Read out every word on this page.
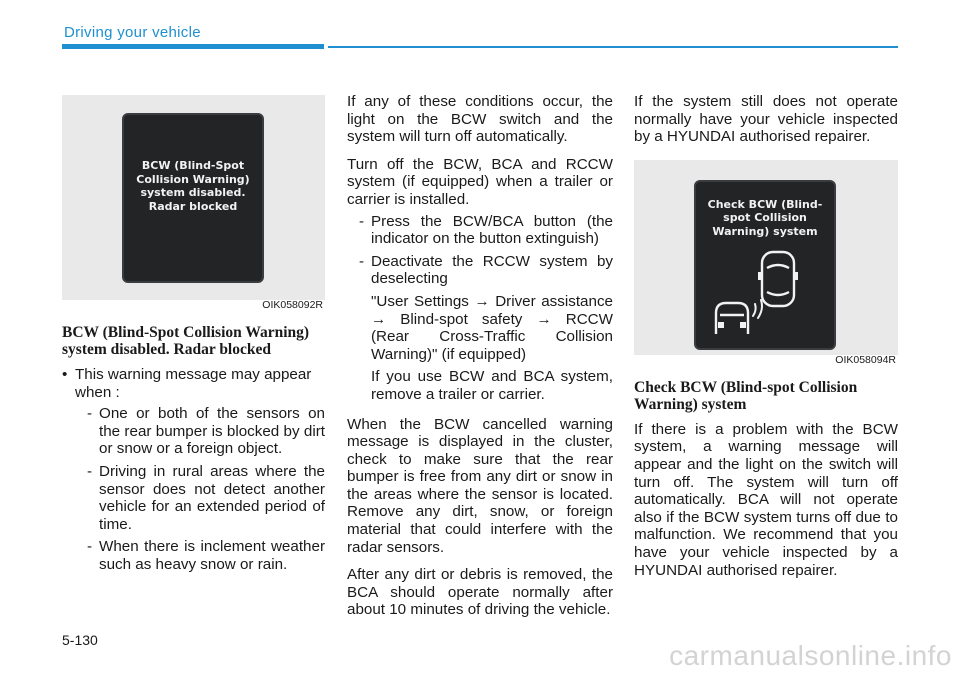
Driving your vehicle
BCW (Blind-Spot
Collision Warning)
system disabled.
Radar blocked
OIK058092R
BCW (Blind-Spot Collision Warning) system disabled. Radar blocked
• This warning message may appear when :
- One or both of the sensors on the rear bumper is blocked by dirt or snow or a foreign object.
- Driving in rural areas where the sensor does not detect another vehicle for an extended period of time.
- When there is inclement weather such as heavy snow or rain.

If any of these conditions occur, the light on the BCW switch and the system will turn off automatically.

Turn off the BCW, BCA and RCCW system (if equipped) when a trailer or carrier is installed.

- Press the BCW/BCA button (the indicator on the button extinguish)
- Deactivate the RCCW system by deselecting
"User Settings → Driver assistance → Blind-spot safety → RCCW (Rear Cross-Traffic Collision Warning)" (if equipped)
If you use BCW and BCA system, remove a trailer or carrier.

When the BCW cancelled warning message is displayed in the cluster, check to make sure that the rear bumper is free from any dirt or snow in the areas where the sensor is located. Remove any dirt, snow, or foreign material that could interfere with the radar sensors.

After any dirt or debris is removed, the BCA should operate normally after about 10 minutes of driving the vehicle.

If the system still does not operate normally have your vehicle inspected by a HYUNDAI authorised repairer.

Check BCW (Blind-
spot Collision
Warning) system
OIK058094R
Check BCW (Blind-spot Collision Warning) system

If there is a problem with the BCW system, a warning message will appear and the light on the switch will turn off. The system will turn off automatically. BCA will not operate also if the BCW system turns off due to malfunction. We recommend that you have your vehicle inspected by a HYUNDAI authorised repairer.

5-130	carmanualsonline.info
